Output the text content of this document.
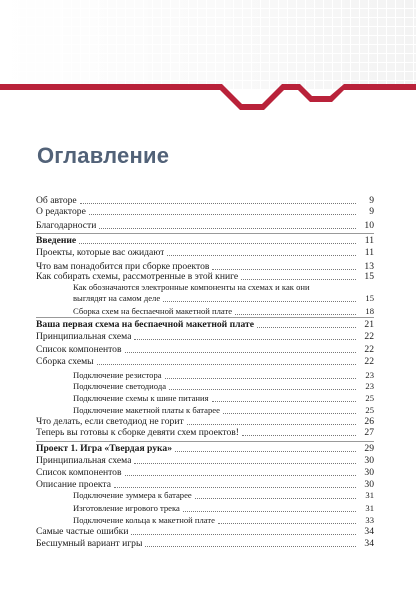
Оглавление
Об авторе	9
О редакторе	9
Благодарности	10
Введение	11
Проекты, которые вас ожидают	11
Что вам понадобится при сборке проектов	13
Как собирать схемы, рассмотренные в этой книге	15
Как обозначаются электронные компоненты на схемах и как они
выглядят на самом деле	15
Сборка схем на беспаечной макетной плате	18
Ваша первая схема на беспаечной макетной плате	21
Принципиальная схема	22
Список компонентов	22
Сборка схемы	22
Подключение резистора	23
Подключение светодиода	23
Подключение схемы к шине питания	25
Подключение макетной платы к батарее	25
Что делать, если светодиод не горит	26
Теперь вы готовы к сборке девяти схем проектов!	27
Проект 1. Игра «Твердая рука»	29
Принципиальная схема	30
Список компонентов	30
Описание проекта	30
Подключение зуммера к батарее	31
Изготовление игрового трека	31
Подключение кольца к макетной плате	33
Самые частые ошибки	34
Бесшумный вариант игры	34
